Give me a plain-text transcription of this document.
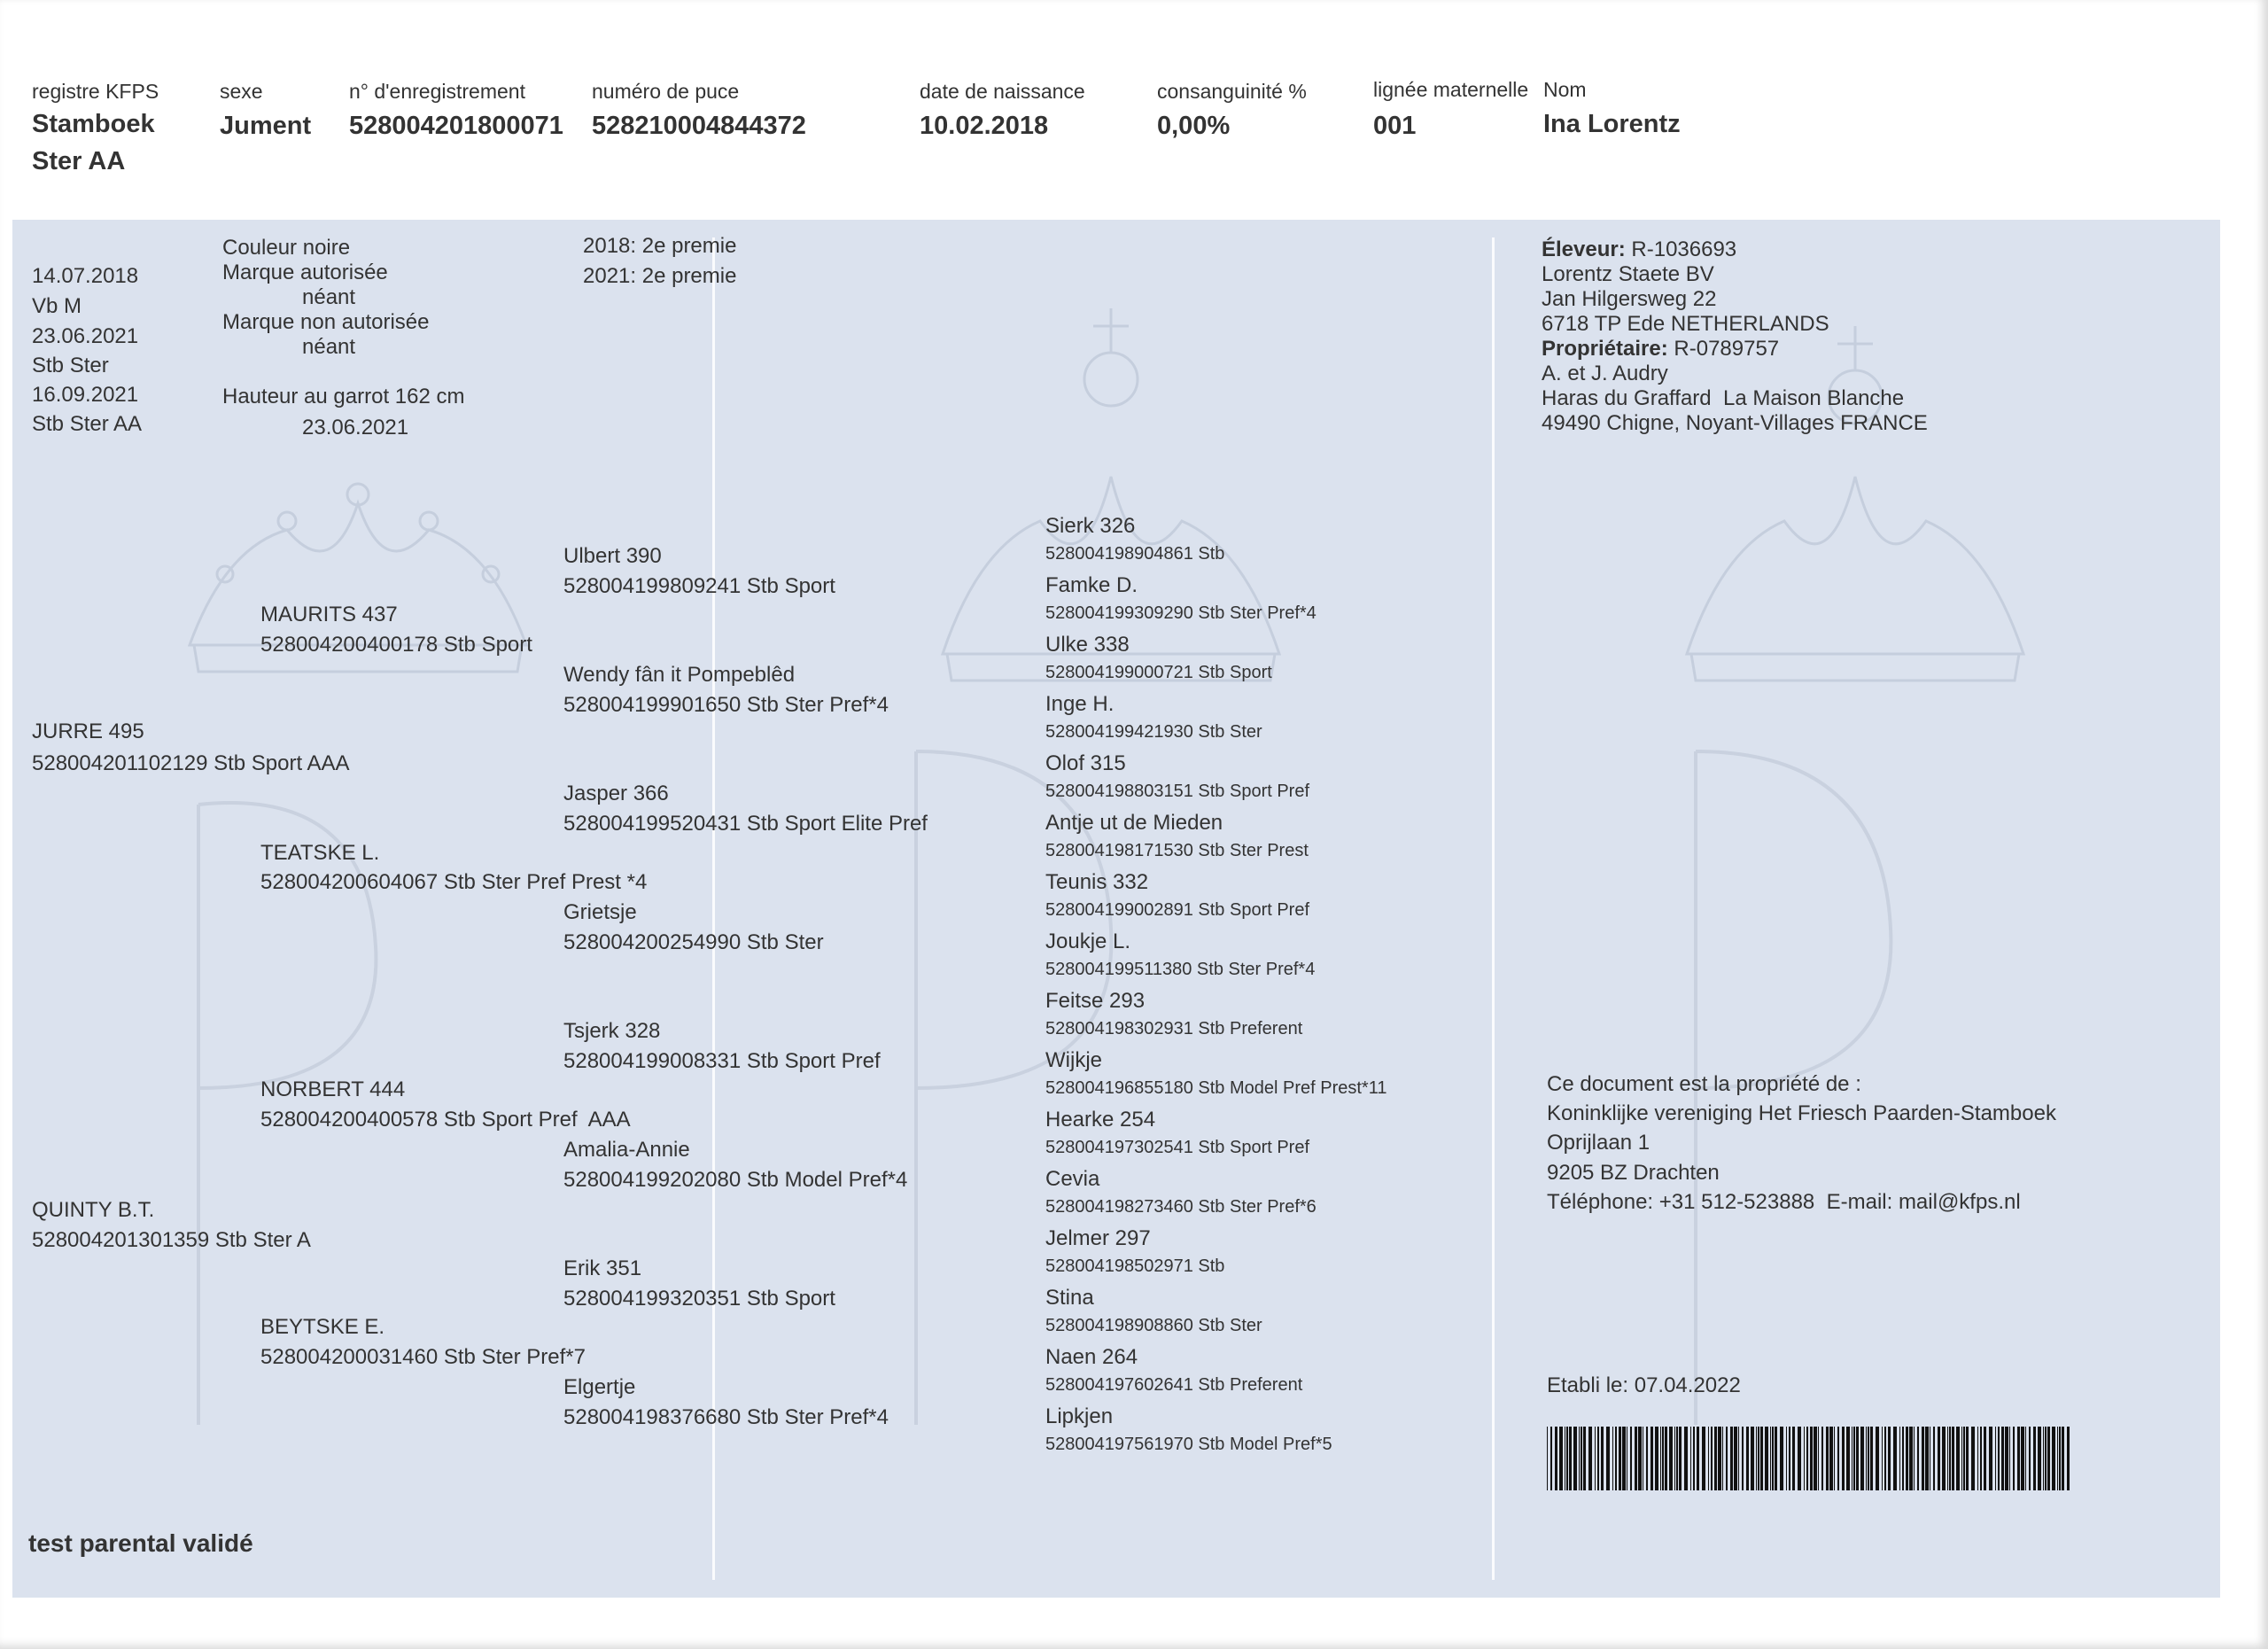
registre KFPS
Stamboek
Ster AA
sexe
Jument
n° d'enregistrement
528004201800071
numéro de puce
528210004844372
date de naissance
10.02.2018
consanguinité %
0,00%
lignée maternelle
001
Nom
Ina Lorentz
14.07.2018
Vb M
23.06.2021
Stb Ster
16.09.2021
Stb Ster AA
Couleur noire
Marque autorisée
néant
Marque non autorisée
néant
Hauteur au garrot 162 cm
23.06.2021
2018: 2e premie
2021: 2e premie
Éleveur: R-1036693
Lorentz Staete BV
Jan Hilgersweg 22
6718 TP Ede NETHERLANDS
Propriétaire: R-0789757
A. et J. Audry
Haras du Graffard  La Maison Blanche
49490 Chigne, Noyant-Villages FRANCE
JURRE 495
528004201102129 Stb Sport AAA
QUINTY B.T.
528004201301359 Stb Ster A
MAURITS 437
528004200400178 Stb Sport
TEATSKE L.
528004200604067 Stb Ster Pref Prest *4
NORBERT 444
528004200400578 Stb Sport Pref  AAA
BEYTSKE E.
528004200031460 Stb Ster Pref*7
Ulbert 390
528004199809241 Stb Sport
Wendy fân it Pompeblêd
528004199901650 Stb Ster Pref*4
Jasper 366
528004199520431 Stb Sport Elite Pref
Grietsje
528004200254990 Stb Ster
Tsjerk 328
528004199008331 Stb Sport Pref
Amalia-Annie
528004199202080 Stb Model Pref*4
Erik 351
528004199320351 Stb Sport
Elgertje
528004198376680 Stb Ster Pref*4
Sierk 326
528004198904861 Stb
Famke D.
528004199309290 Stb Ster Pref*4
Ulke 338
528004199000721 Stb Sport
Inge H.
528004199421930 Stb Ster
Olof 315
528004198803151 Stb Sport Pref
Antje ut de Mieden
528004198171530 Stb Ster Prest
Teunis 332
528004199002891 Stb Sport Pref
Joukje L.
528004199511380 Stb Ster Pref*4
Feitse 293
528004198302931 Stb Preferent
Wijkje
528004196855180 Stb Model Pref Prest*11
Hearke 254
528004197302541 Stb Sport Pref
Cevia
528004198273460 Stb Ster Pref*6
Jelmer 297
528004198502971 Stb
Stina
528004198908860 Stb Ster
Naen 264
528004197602641 Stb Preferent
Lipkjen
528004197561970 Stb Model Pref*5
Ce document est la propriété de :
Koninklijke vereniging Het Friesch Paarden-Stamboek
Oprijlaan 1
9205 BZ Drachten
Téléphone: +31 512-523888  E-mail: mail@kfps.nl
Etabli le: 07.04.2022
test parental validé
